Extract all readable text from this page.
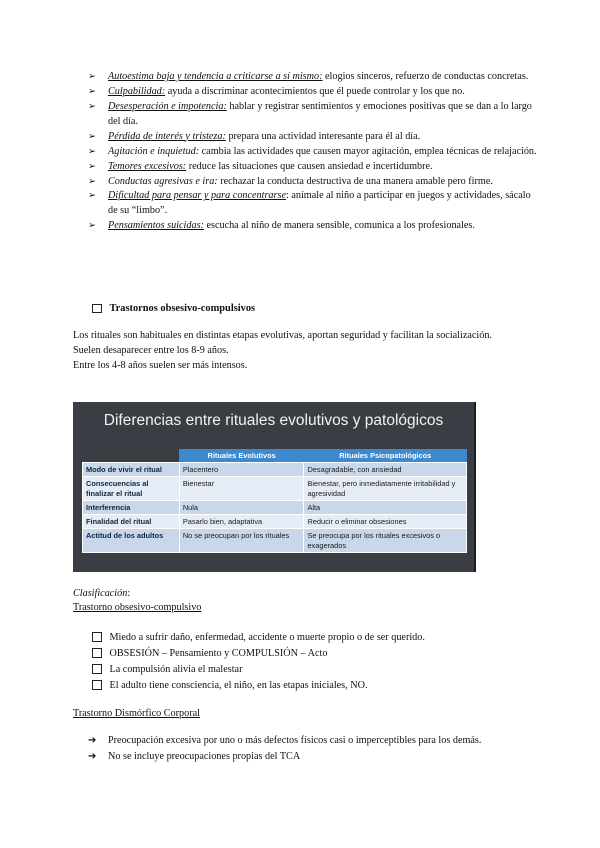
➢ Autoestima baja y tendencia a criticarse a sí mismo: elogios sinceros, refuerzo de conductas concretas.
➢ Culpabilidad: ayuda a discriminar acontecimientos que él puede controlar y los que no.
➢ Desesperación e impotencia: hablar y registrar sentimientos y emociones positivas que se dan a lo largo del día.
➢ Pérdida de interés y tristeza: prepara una actividad interesante para él al día.
➢ Agitación e inquietud: cambia las actividades que causen mayor agitación, emplea técnicas de relajación.
➢ Temores excesivos: reduce las situaciones que causen ansiedad e incertidumbre.
➢ Conductas agresivas e ira: rechazar la conducta destructiva de una manera amable pero firme.
➢ Dificultad para pensar y para concentrarse: anímale al niño a participar en juegos y actividades, sácalo de su “limbo”.
➢ Pensamientos suicidas: escucha al niño de manera sensible, comunica a los profesionales.
Trastornos obsesivo-compulsivos
Los rituales son habituales en distintas etapas evolutivas, aportan seguridad y facilitan la socialización.
Suelen desaparecer entre los 8-9 años.
Entre los 4-8 años suelen ser más intensos.
Diferencias entre rituales evolutivos y patológicos
	Rituales Evolutivos	Rituales Psicopatológicos
Modo de vivir el ritual	Placentero	Desagradable, con ansiedad
Consecuencias al finalizar el ritual	Bienestar	Bienestar, pero inmediatamente irritabilidad y agresividad
Interferencia	Nula	Alta
Finalidad del ritual	Pasarlo bien, adaptativa	Reducir o eliminar obsesiones
Actitud de los adultos	No se preocupan por los rituales	Se preocupa por los rituales excesivos o exagerados
Clasificación:
Trastorno obsesivo-compulsivo
Miedo a sufrir daño, enfermedad, accidente o muerte propio o de ser querido.
OBSESIÓN – Pensamiento y COMPULSIÓN – Acto
La compulsión alivia el malestar
El adulto tiene consciencia, el niño, en las etapas iniciales, NO.
Trastorno Dismórfico Corporal
➔	Preocupación excesiva por uno o más defectos físicos casi o imperceptibles para los demás.
➔	No se incluye preocupaciones propias del TCA
